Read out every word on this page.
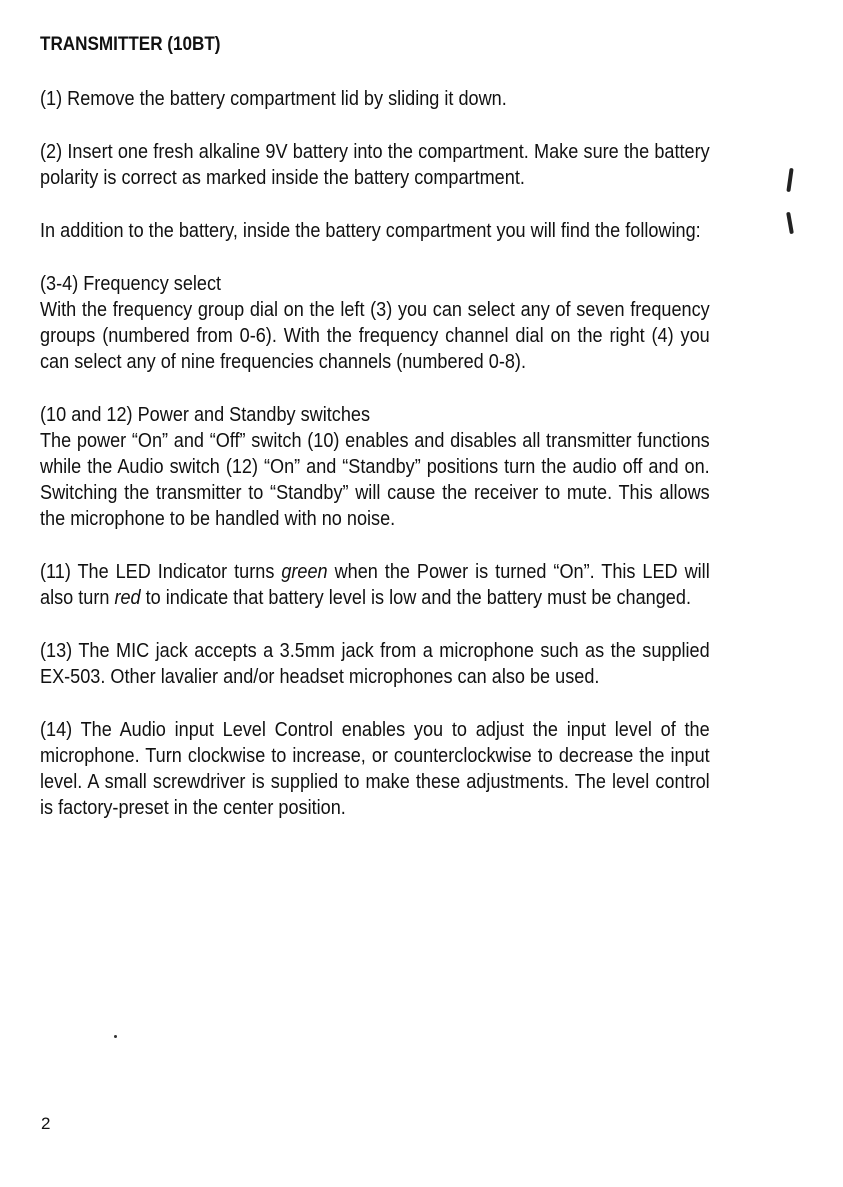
TRANSMITTER (10BT)

(1) Remove the battery compartment lid by sliding it down.

(2) Insert one fresh alkaline 9V battery into the compartment. Make sure the battery polarity is correct as marked inside the battery compartment.

In addition to the battery, inside the battery compartment you will find the following:

(3-4) Frequency select
With the frequency group dial on the left (3) you can select any of seven frequency groups (numbered from 0-6). With the frequency channel dial on the right (4) you can select any of nine frequencies channels (numbered 0-8).

(10 and 12) Power and Standby switches
The power “On” and “Off” switch (10) enables and disables all transmitter functions while the Audio switch (12) “On” and “Standby” positions turn the audio off and on. Switching the transmitter to “Standby” will cause the receiver to mute. This allows the microphone to be handled with no noise.

(11) The LED Indicator turns green when the Power is turned “On”. This LED will also turn red to indicate that battery level is low and the battery must be changed.

(13) The MIC jack accepts a 3.5mm jack from a microphone such as the supplied EX-503. Other lavalier and/or headset microphones can also be used.

(14) The Audio input Level Control enables you to adjust the input level of the microphone. Turn clockwise to increase, or counterclockwise to decrease the input level. A small screwdriver is supplied to make these adjustments. The level control is factory-preset in the center position.

2
